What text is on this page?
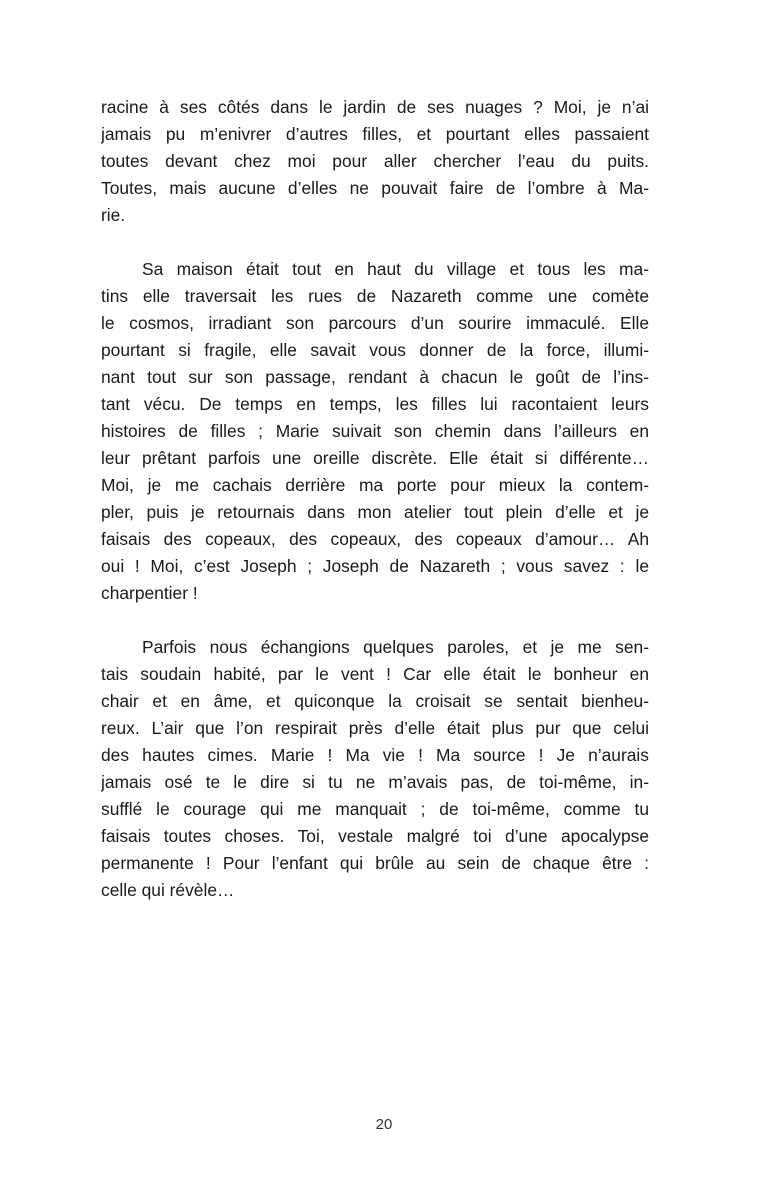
racine à ses côtés dans le jardin de ses nuages ? Moi, je n’ai
jamais pu m’enivrer d’autres filles, et pourtant elles passaient
toutes devant chez moi pour aller chercher l’eau du puits.
Toutes, mais aucune d’elles ne pouvait faire de l’ombre à Ma-
rie.
Sa maison était tout en haut du village et tous les ma-
tins elle traversait les rues de Nazareth comme une comète
le cosmos, irradiant son parcours d’un sourire immaculé. Elle
pourtant si fragile, elle savait vous donner de la force, illumi-
nant tout sur son passage, rendant à chacun le goût de l’ins-
tant vécu. De temps en temps, les filles lui racontaient leurs
histoires de filles ; Marie suivait son chemin dans l’ailleurs en
leur prêtant parfois une oreille discrète. Elle était si différente…
Moi, je me cachais derrière ma porte pour mieux la contem-
pler, puis je retournais dans mon atelier tout plein d’elle et je
faisais des copeaux, des copeaux, des copeaux d’amour… Ah
oui ! Moi, c’est Joseph ; Joseph de Nazareth ; vous savez : le
charpentier !
Parfois nous échangions quelques paroles, et je me sen-
tais soudain habité, par le vent ! Car elle était le bonheur en
chair et en âme, et quiconque la croisait se sentait bienheu-
reux. L’air que l’on respirait près d’elle était plus pur que celui
des hautes cimes. Marie ! Ma vie ! Ma source ! Je n’aurais
jamais osé te le dire si tu ne m’avais pas, de toi-même, in-
sufflé le courage qui me manquait ; de toi-même, comme tu
faisais toutes choses. Toi, vestale malgré toi d’une apocalypse
permanente ! Pour l’enfant qui brûle au sein de chaque être :
celle qui révèle…
20
